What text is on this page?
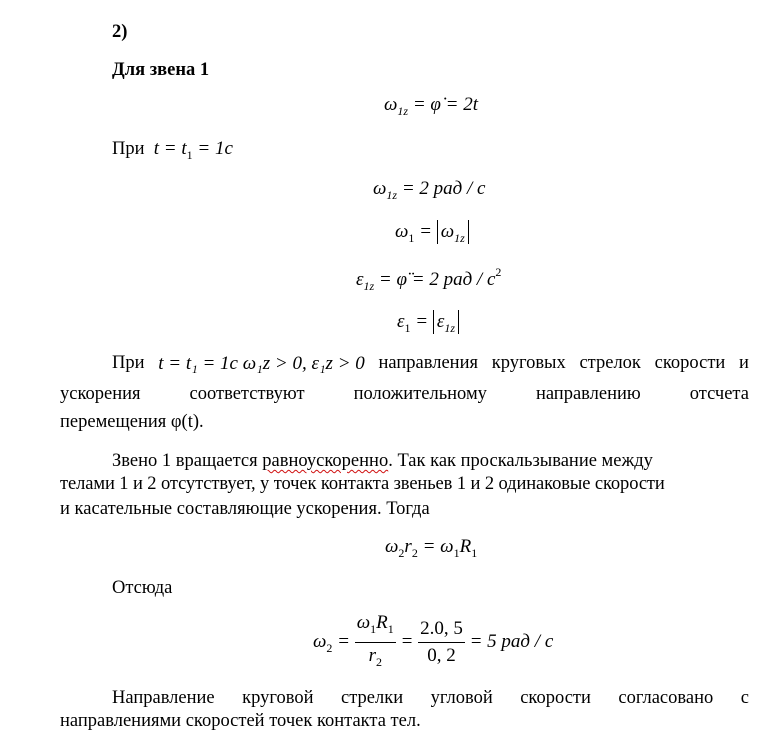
2)
Для звена 1
$\omega_{1z}$ = φ̇ = 2t
При $t = t_1 = 1c$
$\omega_{1z} = 2$ рад / c
$\omega_1 = \omega_{1z}$
$\varepsilon_{1z}$ = φ̈ = 2 рад / $c^2$
$\varepsilon_1 = \varepsilon_{1z}$
При t = t₁ = 1c ω₁z > 0, ε₁z > 0 направления круговых стрелок скорости и
ускорения	соответствуют	положительному	направлению	отсчета
перемещения φ(t).
Звено 1 вращается
равноускоренно . Так как проскальзывание между
телами 1 и 2 отсутствует, у точек контакта звеньев 1 и 2 одинаковые скорости
и касательные составляющие ускорения. Тогда
$\omega_2r_2 = \omega_1R_1$
Отсюда
$\omega_2 = \frac{\omega_1R_1}{r_2} = \frac{2.0, 5}{0, 2} = 5$ рад / c
Направление круговой стрелки угловой скорости согласовано с
направлениями скоростей точек контакта тел.
